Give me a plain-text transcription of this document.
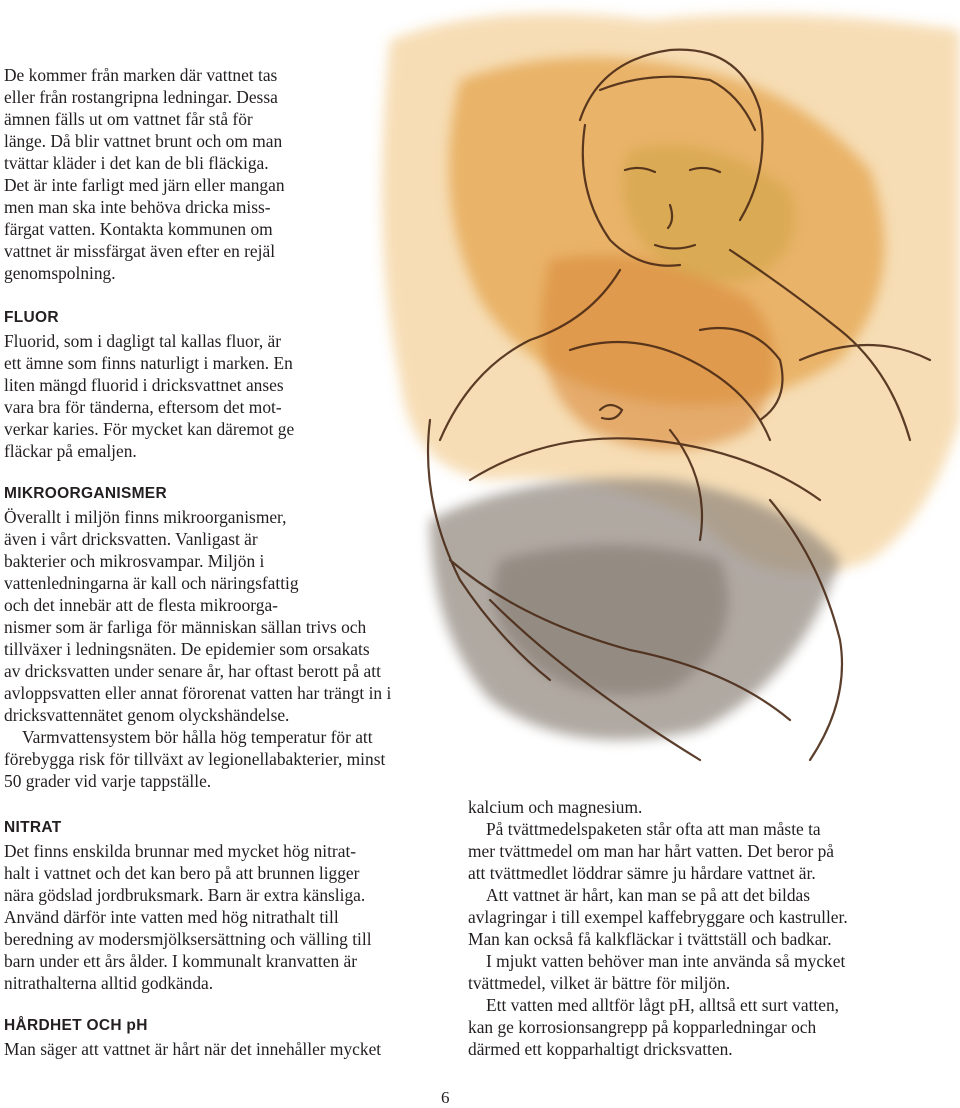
De kommer från marken där vattnet tas
eller från rostangripna ledningar. Dessa
ämnen fälls ut om vattnet får stå för
länge. Då blir vattnet brunt och om man
tvättar kläder i det kan de bli fläckiga.
Det är inte farligt med järn eller mangan
men man ska inte behöva dricka miss-
färgat vatten. Kontakta kommunen om
vattnet är missfärgat även efter en rejäl
genomspolning.

FLUOR

Fluorid, som i dagligt tal kallas fluor, är
ett ämne som finns naturligt i marken. En
liten mängd fluorid i dricksvattnet anses
vara bra för tänderna, eftersom det mot-
verkar karies. För mycket kan däremot ge
fläckar på emaljen.

MIKROORGANISMER

Överallt i miljön finns mikroorganismer,
även i vårt dricksvatten. Vanligast är
bakterier och mikrosvampar. Miljön i
vattenledningarna är kall och näringsfattig
och det innebär att de flesta mikroorga-
nismer som är farliga för människan sällan trivs och
tillväxer i ledningsnäten. De epidemier som orsakats
av dricksvatten under senare år, har oftast berott på att
avloppsvatten eller annat förorenat vatten har trängt in i
dricksvattennätet genom olyckshändelse.

Varmvattensystem bör hålla hög temperatur för att
förebygga risk för tillväxt av legionellabakterier, minst
50 grader vid varje tappställe.

NITRAT

Det finns enskilda brunnar med mycket hög nitrat-
halt i vattnet och det kan bero på att brunnen ligger
nära gödslad jordbruksmark. Barn är extra känsliga.
Använd därför inte vatten med hög nitrathalt till
beredning av modersmjölksersättning och välling till
barn under ett års ålder. I kommunalt kranvatten är
nitrathalterna alltid godkända.

HÅRDHET OCH pH

Man säger att vattnet är hårt när det innehåller mycket

kalcium och magnesium.

På tvättmedelspaketen står ofta att man måste ta
mer tvättmedel om man har hårt vatten. Det beror på
att tvättmedlet löddrar sämre ju hårdare vattnet är.

Att vattnet är hårt, kan man se på att det bildas
avlagringar i till exempel kaffebryggare och kastruller.
Man kan också få kalkfläckar i tvättställ och badkar.

I mjukt vatten behöver man inte använda så mycket
tvättmedel, vilket är bättre för miljön.

Ett vatten med alltför lågt pH, alltså ett surt vatten,
kan ge korrosionsangrepp på kopparledningar och
därmed ett kopparhaltigt dricksvatten.

6
